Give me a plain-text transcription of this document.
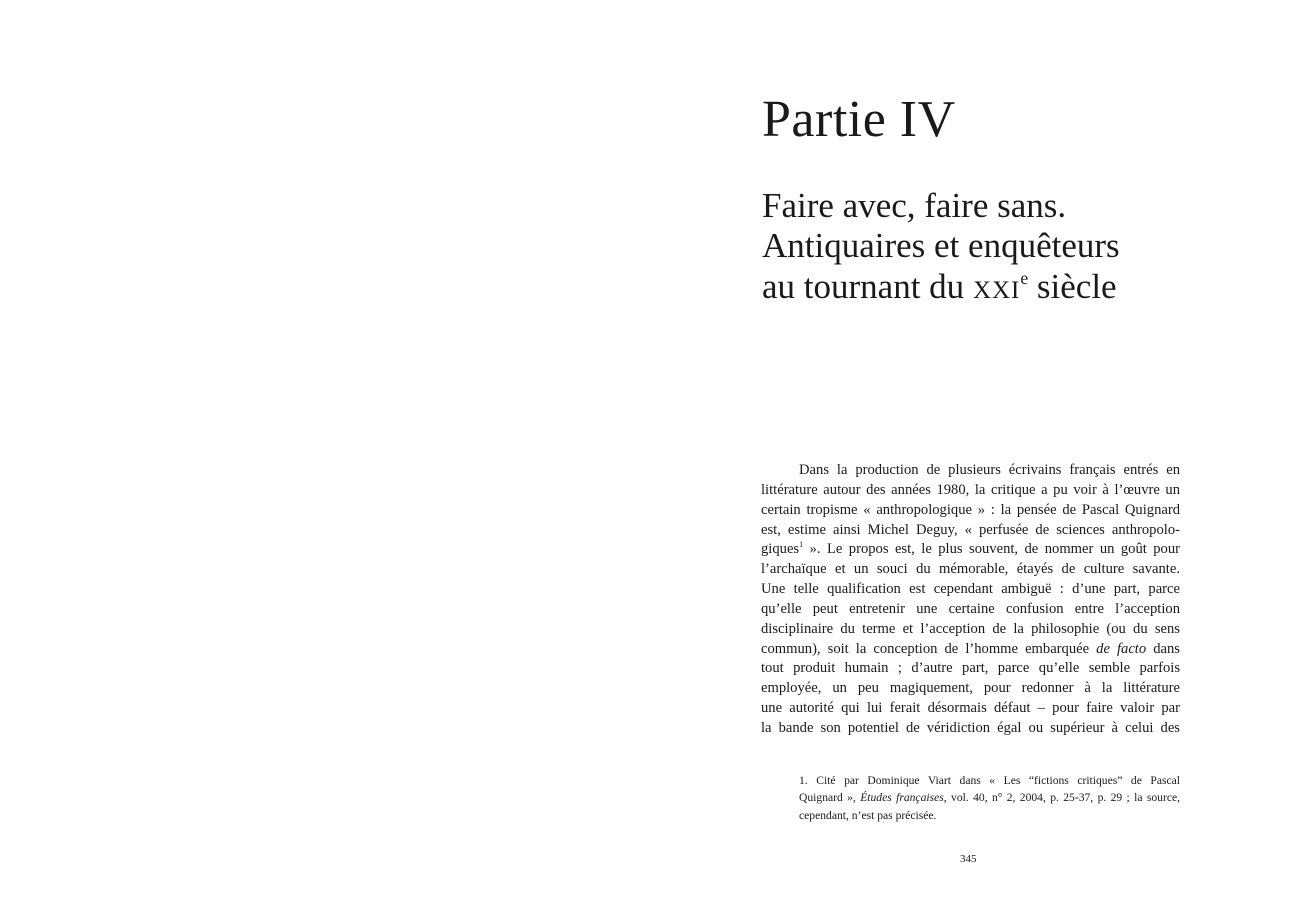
Partie IV
Faire avec, faire sans.
Antiquaires et enquêteurs
au tournant du xxi$^e$ siècle
Dans la production de plusieurs écrivains français entrés en
littérature autour des années 1980, la critique a pu voir à l’œuvre un
certain tropisme « anthropologique » : la pensée de Pascal Quignard
est, estime ainsi Michel Deguy, « perfusée de sciences anthropolo-
giques$^1$ ». Le propos est, le plus souvent, de nommer un goût pour
l’archaïque et un souci du mémorable, étayés de culture savante.
Une telle qualification est cependant ambiguë : d’une part, parce
qu’elle peut entretenir une certaine confusion entre l’acception
disciplinaire du terme et l’acception de la philosophie (ou du sens
commun), soit la conception de l’homme embarquée de facto dans
tout produit humain ; d’autre part, parce qu’elle semble parfois
employée, un peu magiquement, pour redonner à la littérature
une autorité qui lui ferait désormais défaut – pour faire valoir par
la bande son potentiel de véridiction égal ou supérieur à celui des
1. Cité par Dominique Viart dans « Les “fictions critiques” de Pascal
Quignard », Études françaises, vol. 40, n° 2, 2004, p. 25-37, p. 29 ; la source,
cependant, n’est pas précisée.
345
